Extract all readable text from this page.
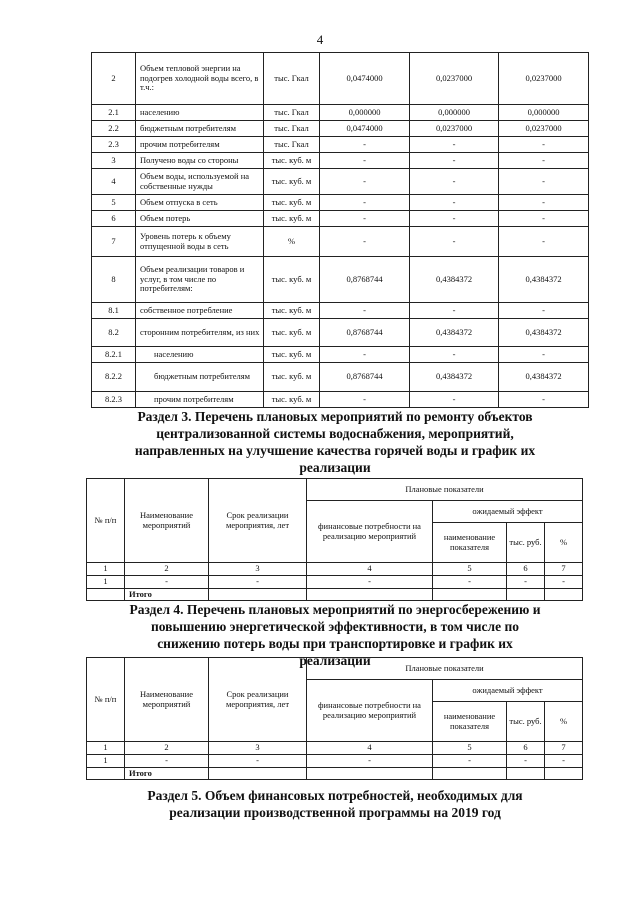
4
2	Объем тепловой энергии на подогрев холодной воды всего, в т.ч.:	тыс. Гкал	0,0474000	0,0237000	0,0237000
2.1	населению	тыс. Гкал	0,000000	0,000000	0,000000
2.2	бюджетным потребителям	тыс. Гкал	0,0474000	0,0237000	0,0237000
2.3	прочим потребителям	тыс. Гкал	-	-	-
3	Получено воды со стороны	тыс. куб. м	-	-	-
4	Объем воды, используемой на собственные нужды	тыс. куб. м	-	-	-
5	Объем отпуска в сеть	тыс. куб. м	-	-	-
6	Объем потерь	тыс. куб. м	-	-	-
7	Уровень потерь к объему отпущенной воды в сеть	%	-	-	-
8	Объем реализации товаров и услуг, в том числе по потребителям:	тыс. куб. м	0,8768744	0,4384372	0,4384372
8.1	собственное потребление	тыс. куб. м	-	-	-
8.2	сторонним потребителям, из них	тыс. куб. м	0,8768744	0,4384372	0,4384372
8.2.1	населению	тыс. куб. м	-	-	-
8.2.2	бюджетным потребителям	тыс. куб. м	0,8768744	0,4384372	0,4384372
8.2.3	прочим потребителям	тыс. куб. м	-	-	-
Раздел 3. Перечень плановых мероприятий по ремонту объектов централизованной системы водоснабжения, мероприятий, направленных на улучшение качества горячей воды и график их реализации
№ п/п	Наименование мероприятий	Срок реализации мероприятия, лет	Плановые показатели			
			финансовые потребности на реализацию мероприятий	ожидаемый эффект		
				наименование показателя	тыс. руб.	%
1	2	3	4	5	6	7
1	-	-	-	-	-	-
	Итого					
Раздел 4. Перечень плановых мероприятий по энергосбережению и повышению энергетической эффективности, в том числе по снижению потерь воды при транспортировке и график их реализации
№ п/п	Наименование мероприятий	Срок реализации мероприятия, лет	Плановые показатели			
			финансовые потребности на реализацию мероприятий	ожидаемый эффект		
				наименование показателя	тыс. руб.	%
1	2	3	4	5	6	7
1	-	-	-	-	-	-
	Итого					
Раздел 5. Объем финансовых потребностей, необходимых для реализации производственной программы на 2019 год
